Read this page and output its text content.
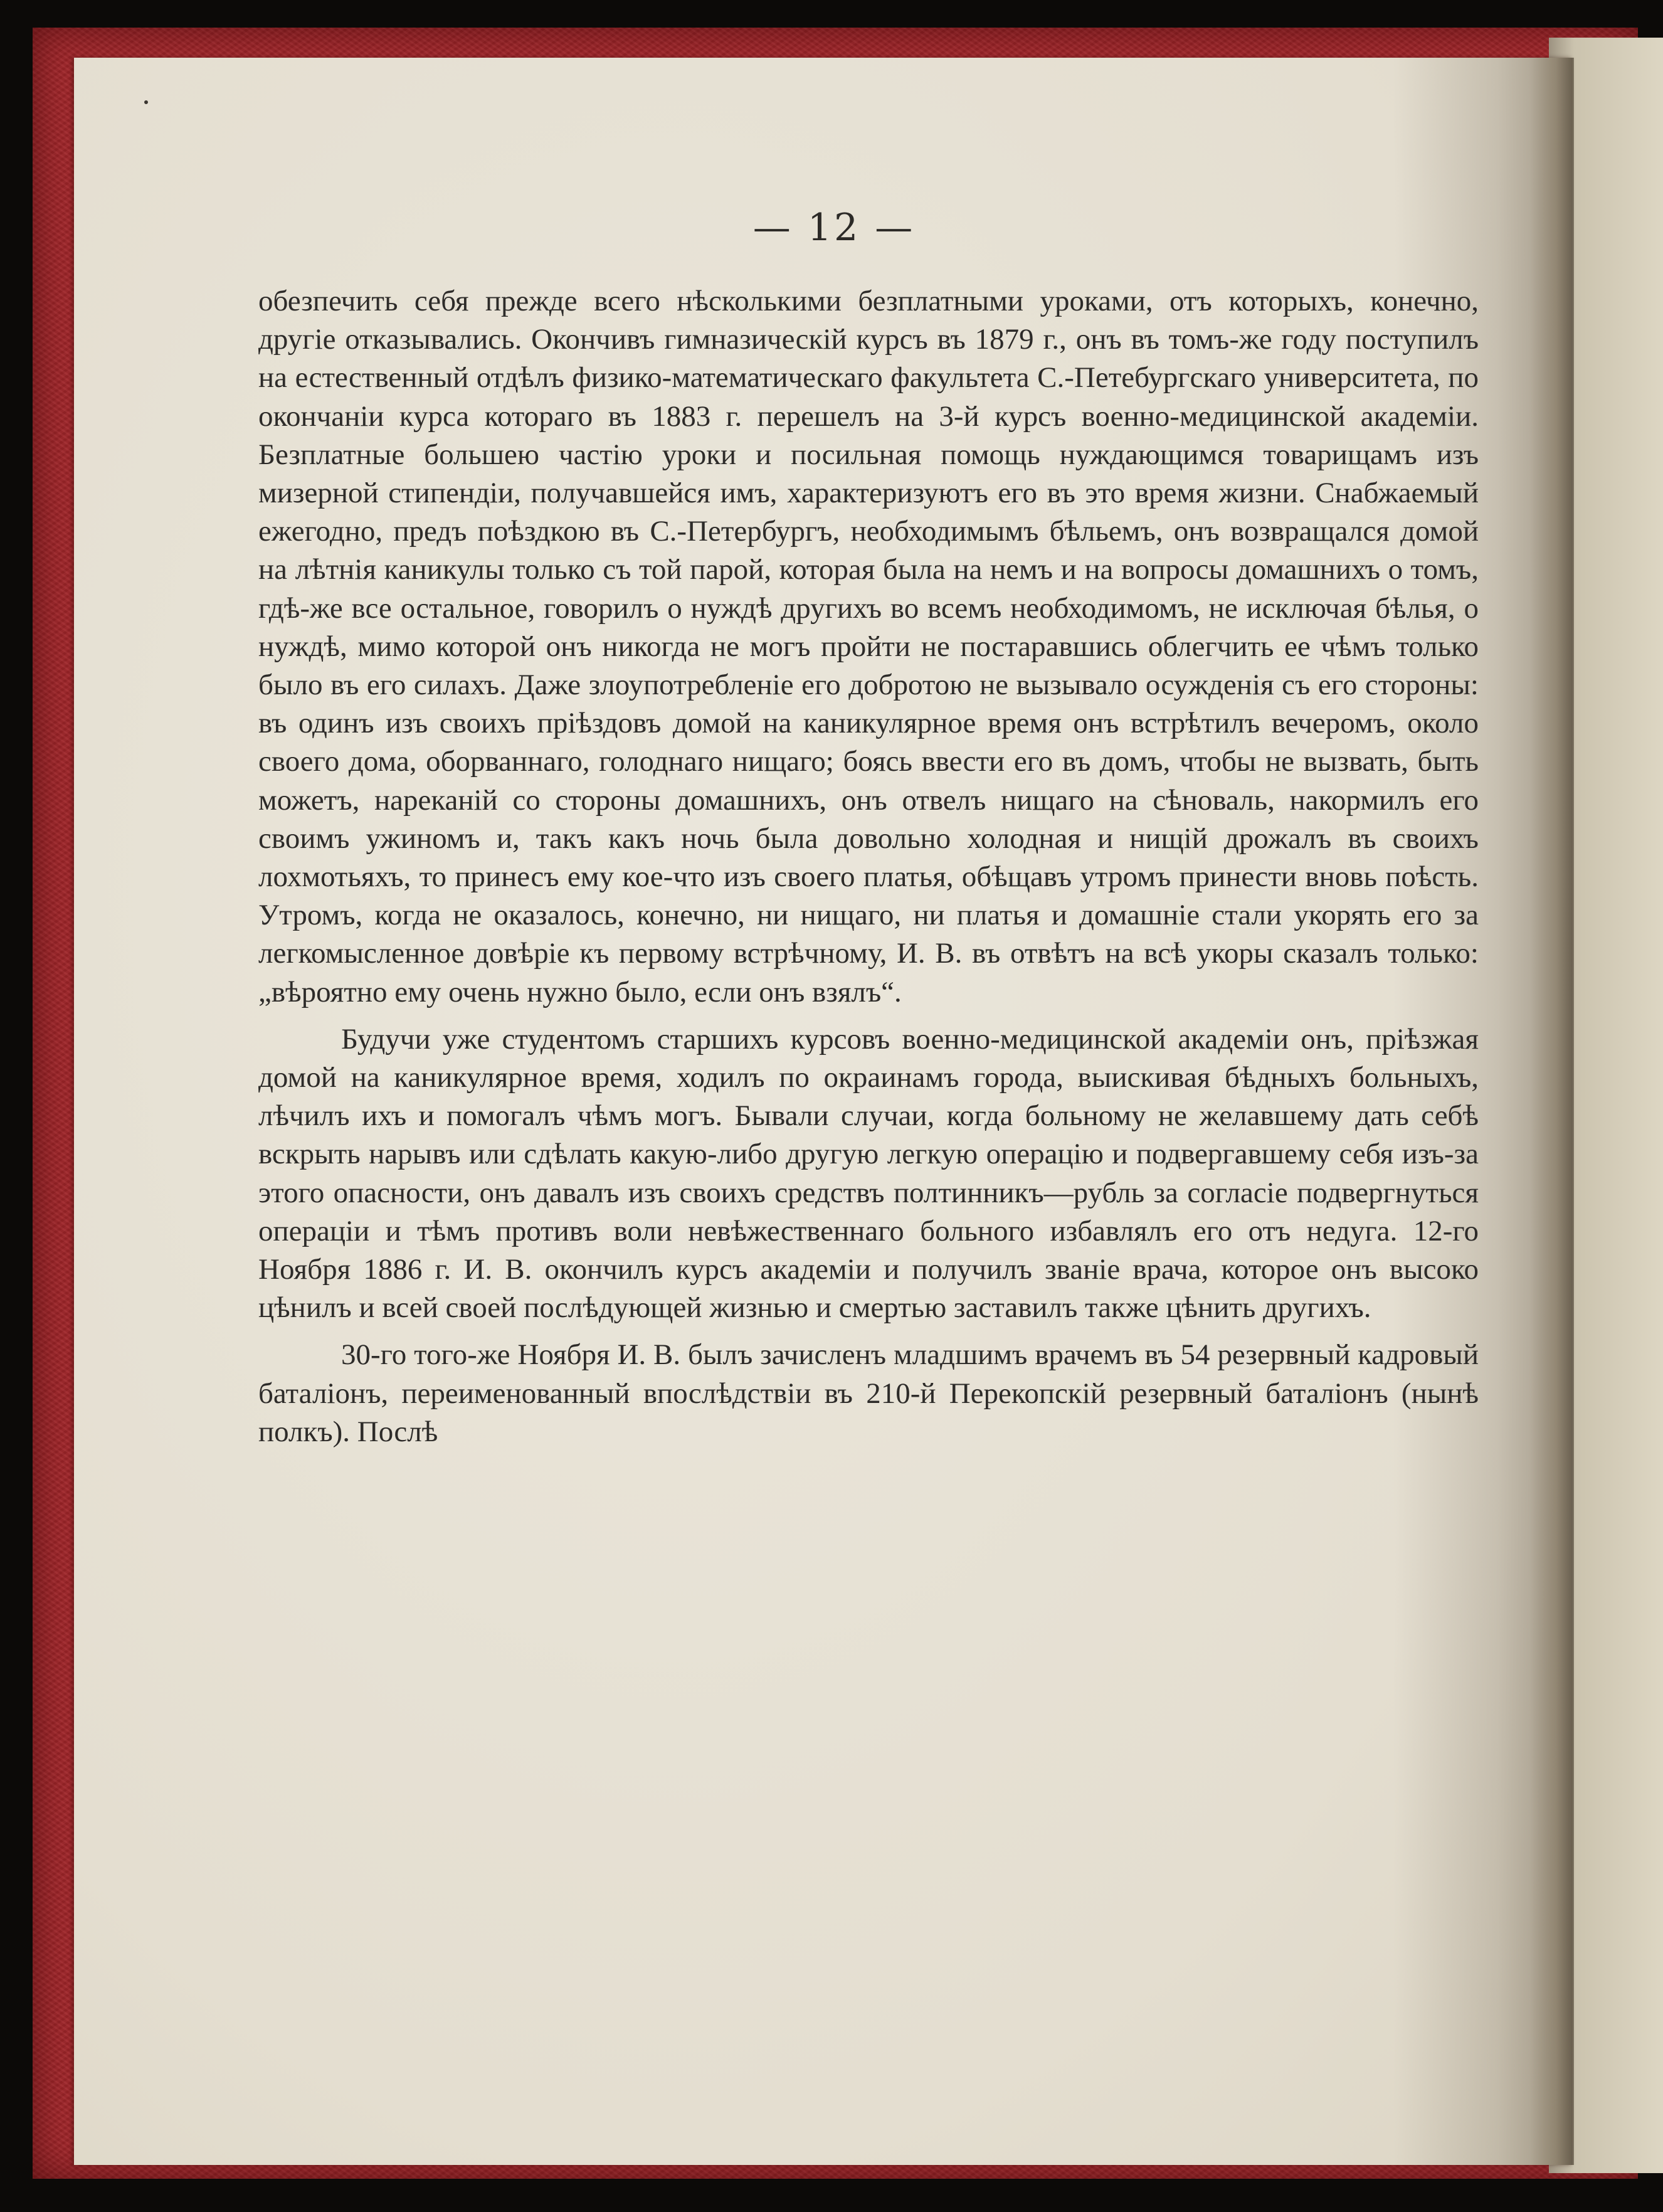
— 12 —

обезпечить себя прежде всего нѣсколькими безплатными уроками, отъ которыхъ, конечно, другіе отказывались. Окончивъ гимназическій курсъ въ 1879 г., онъ въ томъ-же году поступилъ на естественный отдѣлъ физико-математическаго факультета С.-Петебургскаго университета, по окончаніи курса котораго въ 1883 г. перешелъ на 3-й курсъ военно-медицинской академіи. Безплатные большею частію уроки и посильная помощь нуждающимся товарищамъ изъ мизерной стипендіи, получавшейся имъ, характеризуютъ его въ это время жизни. Снабжаемый ежегодно, предъ поѣздкою въ С.-Петербургъ, необходимымъ бѣльемъ, онъ возвращался домой на лѣтнія каникулы только съ той парой, которая была на немъ и на вопросы домашнихъ о томъ, гдѣ-же все остальное, говорилъ о нуждѣ другихъ во всемъ необходимомъ, не исключая бѣлья, о нуждѣ, мимо которой онъ никогда не могъ пройти не постаравшись облегчить ее чѣмъ только было въ его силахъ. Даже злоупотребленіе его добротою не вызывало осужденія съ его стороны: въ одинъ изъ своихъ пріѣздовъ домой на каникулярное время онъ встрѣтилъ вечеромъ, около своего дома, оборваннаго, голоднаго нищаго; боясь ввести его въ домъ, чтобы не вызвать, быть можетъ, нареканій со стороны домашнихъ, онъ отвелъ нищаго на сѣноваль, накормилъ его своимъ ужиномъ и, такъ какъ ночь была довольно холодная и нищій дрожалъ въ своихъ лохмотьяхъ, то принесъ ему кое-что изъ своего платья, обѣщавъ утромъ принести вновь поѣсть. Утромъ, когда не оказалось, конечно, ни нищаго, ни платья и домашніе стали укорять его за легкомысленное довѣріе къ первому встрѣчному, И. В. въ отвѣтъ на всѣ укоры сказалъ только: „вѣроятно ему очень нужно было, если онъ взялъ“.

Будучи уже студентомъ старшихъ курсовъ военно-медицинской академіи онъ, пріѣзжая домой на каникулярное время, ходилъ по окраинамъ города, выискивая бѣдныхъ больныхъ, лѣчилъ ихъ и помогалъ чѣмъ могъ. Бывали случаи, когда больному не желавшему дать себѣ вскрыть нарывъ или сдѣлать какую-либо другую легкую операцію и подвергавшему себя изъ-за этого опасности, онъ давалъ изъ своихъ средствъ полтинникъ—рубль за согласіе подвергнуться операціи и тѣмъ противъ воли невѣжественнаго больного избавлялъ его отъ недуга. 12-го Ноября 1886 г. И. В. окончилъ курсъ академіи и получилъ званіе врача, которое онъ высоко цѣнилъ и всей своей послѣдующей жизнью и смертью заставилъ также цѣнить другихъ.

30-го того-же Ноября И. В. былъ зачисленъ младшимъ врачемъ въ 54 резервный кадровый баталіонъ, переименованный впослѣдствіи въ 210-й Перекопскій резервный баталіонъ (нынѣ полкъ). Послѣ
